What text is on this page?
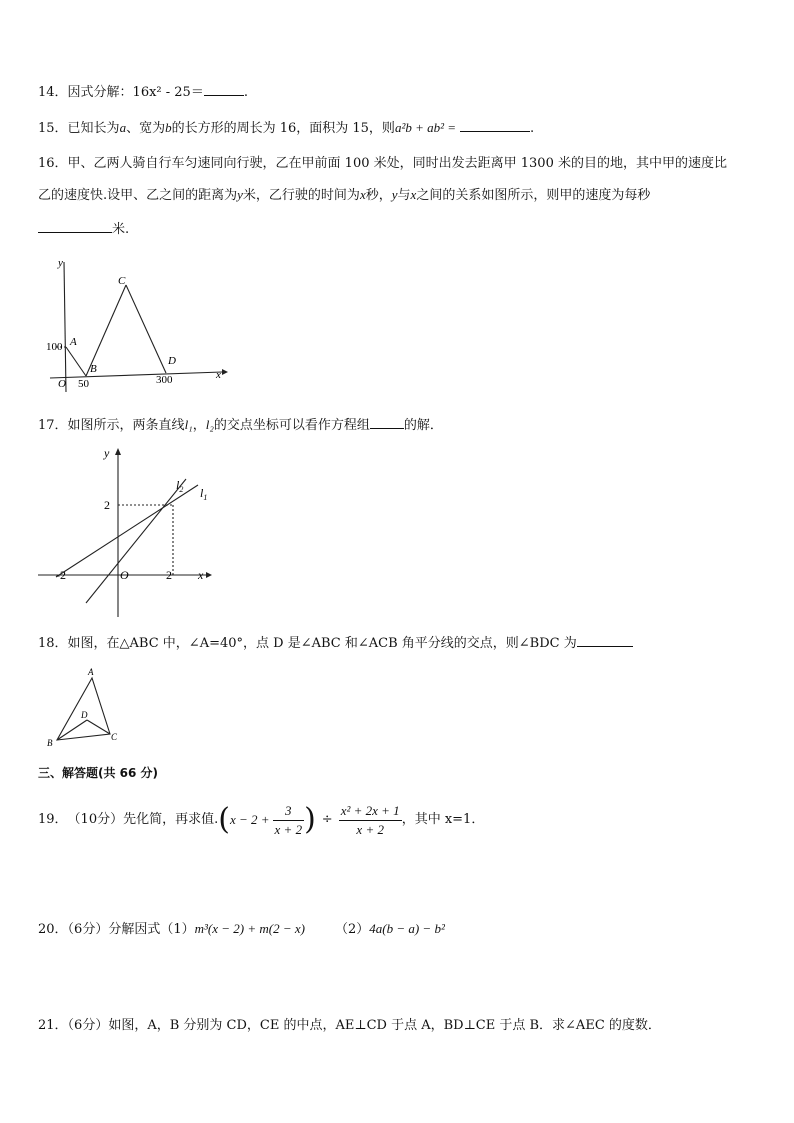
14．因式分解：16x² - 25＝	.
15．已知长为a、宽为b的长方形的周长为 16，面积为 15，则a²b + ab² =	.
16．甲、乙两人骑自行车匀速同向行驶，乙在甲前面 100 米处，同时出发去距离甲 1300 米的目的地，其中甲的速度比
乙的速度快.设甲、乙之间的距离为y米，乙行驶的时间为x秒，y与x之间的关系如图所示，则甲的速度为每秒
米.
y
x
O
100
50	300
A
B
C
D
17．如图所示，两条直线l₁，l₂的交点坐标可以看作方程组	的解．
y
x
O
2
-2	2
$l_2$ $l_1$
18．如图，在△ABC 中，∠A=40°，点 D 是∠ABC 和∠ACB 角平分线的交点，则∠BDC 为
A
B
C
D
三、解答题(共 66 分)
19． （10分）先化简，再求值. ( $x - 2 + \frac{3}{x + 2}$ ) ÷ $\frac{\text{x² + 2x + 1}}{x + 2}$ ，其中 x=1．
20．（6分）分解因式（1）m³(x − 2) + m(2 − x) （2）4a(b − a) − b²
21．（6分）如图，A，B 分别为 CD，CE 的中点，AE⊥CD 于点 A，BD⊥CE 于点 B．求∠AEC 的度数．
